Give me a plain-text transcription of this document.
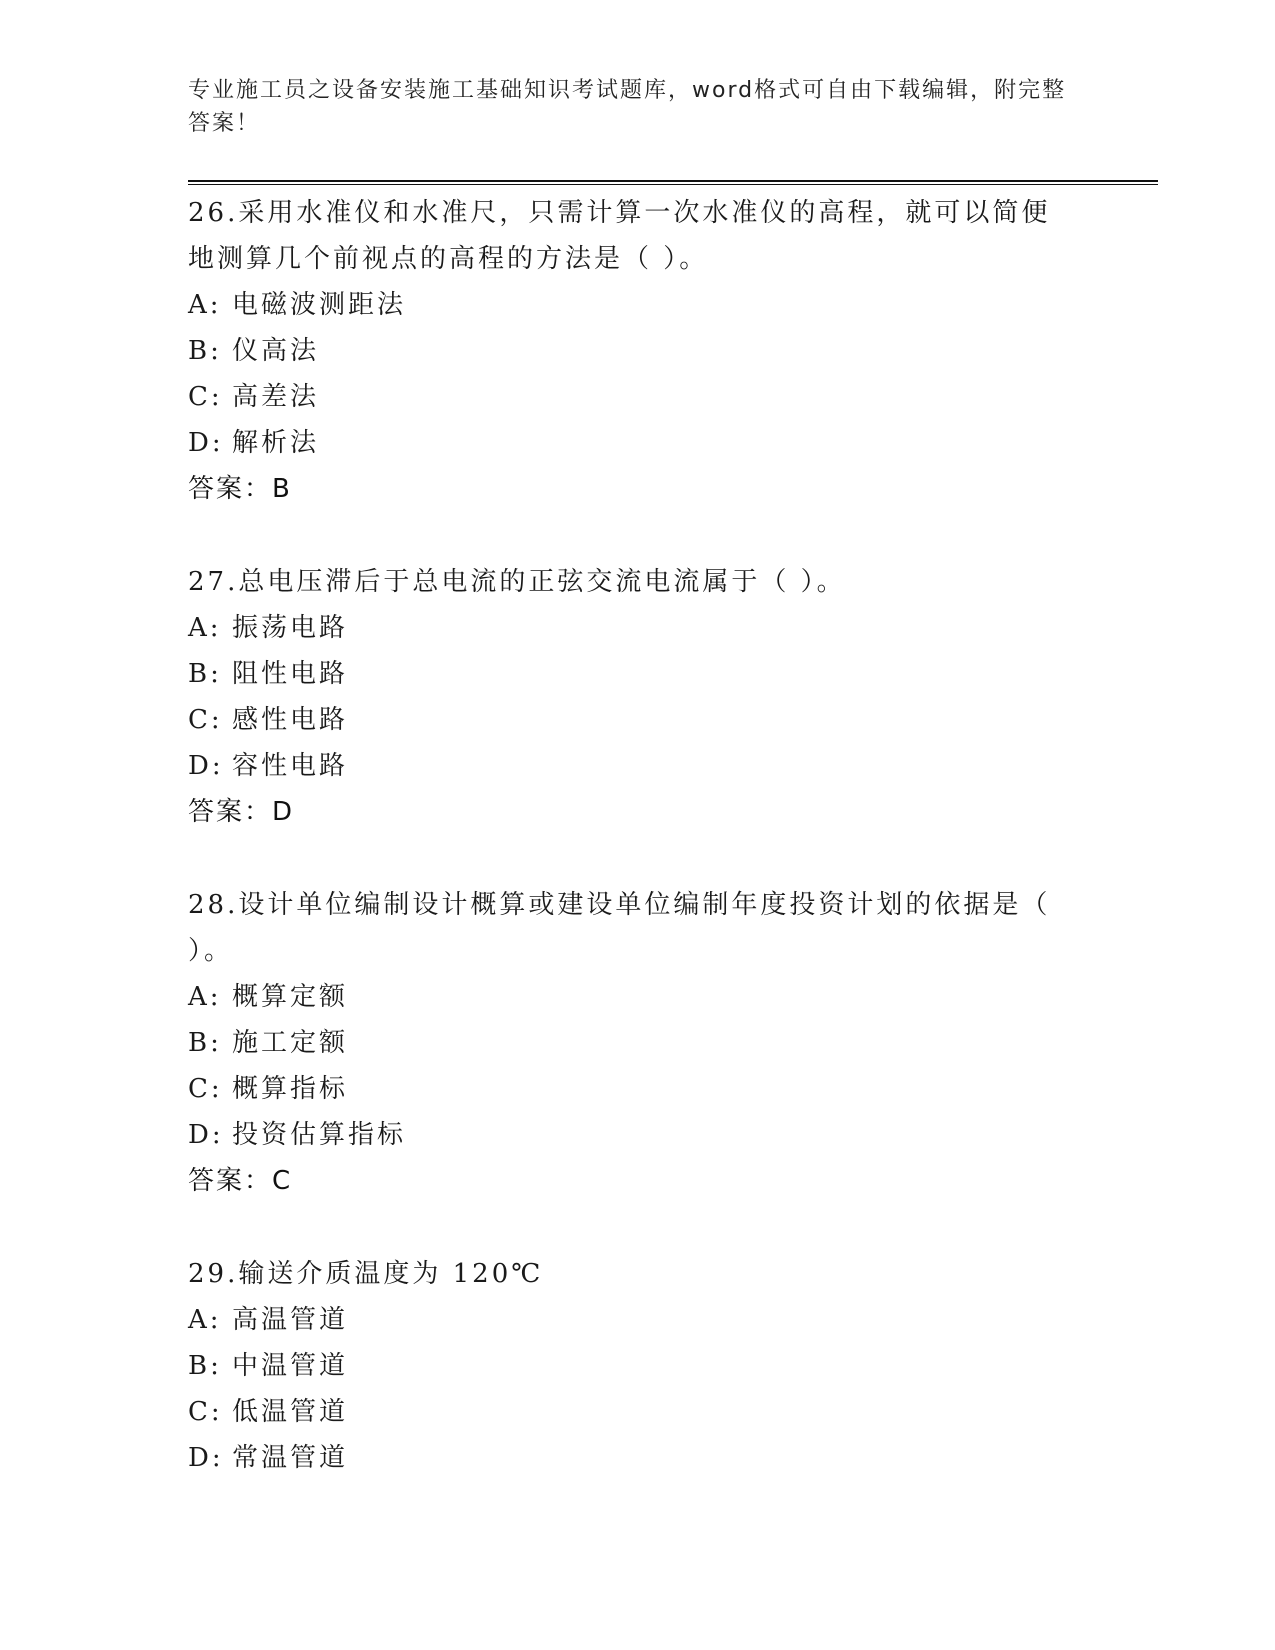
专业施工员之设备安装施工基础知识考试题库，word格式可自由下载编辑，附完整答案！
26.采用水准仪和水准尺，只需计算一次水准仪的高程，就可以简便地测算几个前视点的高程的方法是（ ）。
A: 电磁波测距法
B: 仪高法
C: 高差法
D: 解析法
答案：B
27.总电压滞后于总电流的正弦交流电流属于（ ）。
A: 振荡电路
B: 阻性电路
C: 感性电路
D: 容性电路
答案：D
28.设计单位编制设计概算或建设单位编制年度投资计划的依据是（ ）。
A: 概算定额
B: 施工定额
C: 概算指标
D: 投资估算指标
答案：C
29.输送介质温度为 120℃
A: 高温管道
B: 中温管道
C: 低温管道
D: 常温管道
